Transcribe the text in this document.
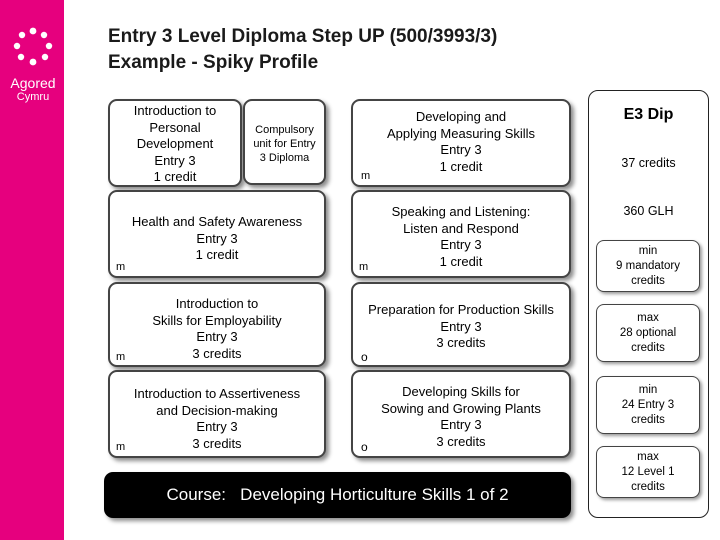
Agored
Cymru
Entry 3 Level Diploma Step UP (500/3993/3)
Example - Spiky Profile
Introduction to
Personal
Development
Entry 3
1 credit
Compulsory
unit for Entry
3 Diploma
Health and Safety Awareness
Entry 3
1 credit
m
Introduction to
Skills for Employability
Entry 3
3 credits
m
Introduction to Assertiveness
and Decision-making
Entry 3
3 credits
m
Developing and
Applying Measuring Skills
Entry 3
1 credit
m
Speaking and Listening:
Listen and Respond
Entry 3
1 credit
m
Preparation for Production Skills
Entry 3
3 credits
o
Developing Skills for
Sowing and Growing Plants
Entry 3
3 credits
o
Course: Developing Horticulture Skills 1 of 2
E3 Dip
37 credits
360 GLH
min
9 mandatory
credits
max
28 optional
credits
min
24 Entry 3
credits
max
12 Level 1
credits
